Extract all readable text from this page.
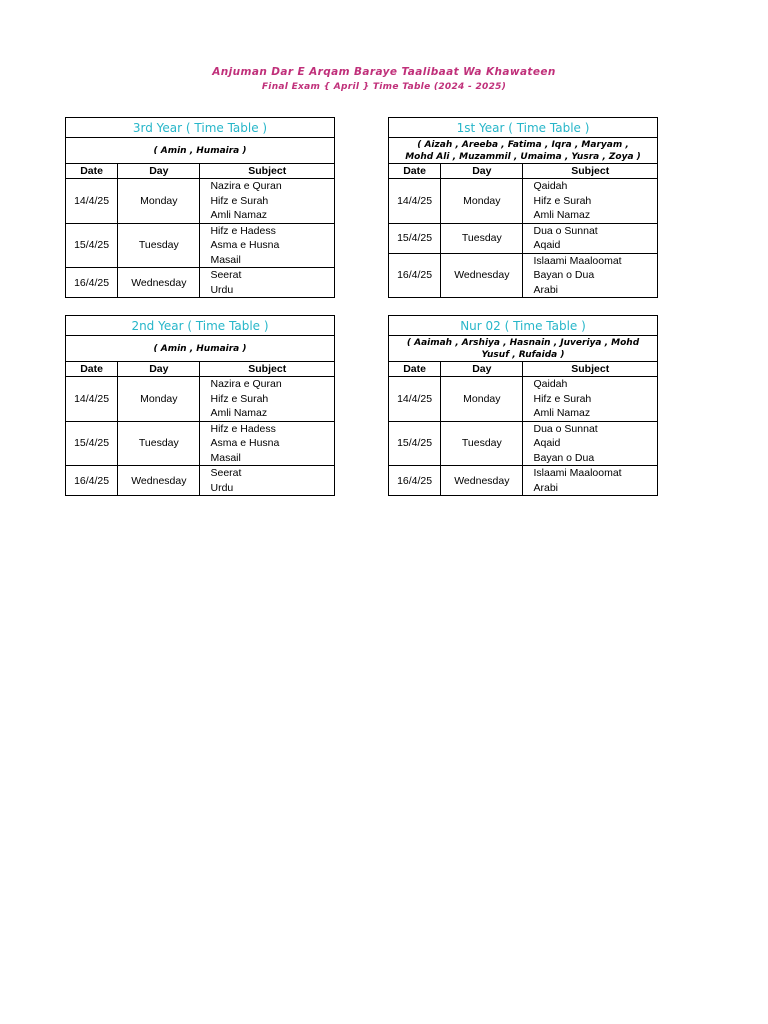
Anjuman Dar E Arqam Baraye Taalibaat Wa Khawateen
Final Exam { April } Time Table (2024 - 2025)
3rd Year ( Time Table )		
( Amin , Humaira )		
Date	Day	Subject
14/4/25	Monday	Nazira e Quran
Hifz e Surah
Amli Namaz

15/4/25	Tuesday	Hifz e Hadess
Asma e Husna
Masail

16/4/25	Wednesday	Seerat
Urdu
1st Year ( Time Table )		

( Aizah , Areeba , Fatima , Iqra , Maryam ,
Mohd Ali , Muzammil , Umaima , Yusra , Zoya )		

Date	Day	Subject
14/4/25	Monday	Qaidah
Hifz e Surah
Amli Namaz

15/4/25	Tuesday	Dua o Sunnat
Aqaid

16/4/25	Wednesday	Islaami Maaloomat
Bayan o Dua
Arabi
2nd Year ( Time Table )		
( Amin , Humaira )		
Date	Day	Subject
14/4/25	Monday	Nazira e Quran
Hifz e Surah
Amli Namaz

15/4/25	Tuesday	Hifz e Hadess
Asma e Husna
Masail

16/4/25	Wednesday	Seerat
Urdu
Nur 02 ( Time Table )		

( Aaimah , Arshiya , Hasnain , Juveriya , Mohd
Yusuf , Rufaida )		

Date	Day	Subject
14/4/25	Monday	Qaidah
Hifz e Surah
Amli Namaz

15/4/25	Tuesday	Dua o Sunnat
Aqaid
Bayan o Dua

16/4/25	Wednesday	Islaami Maaloomat
Arabi
